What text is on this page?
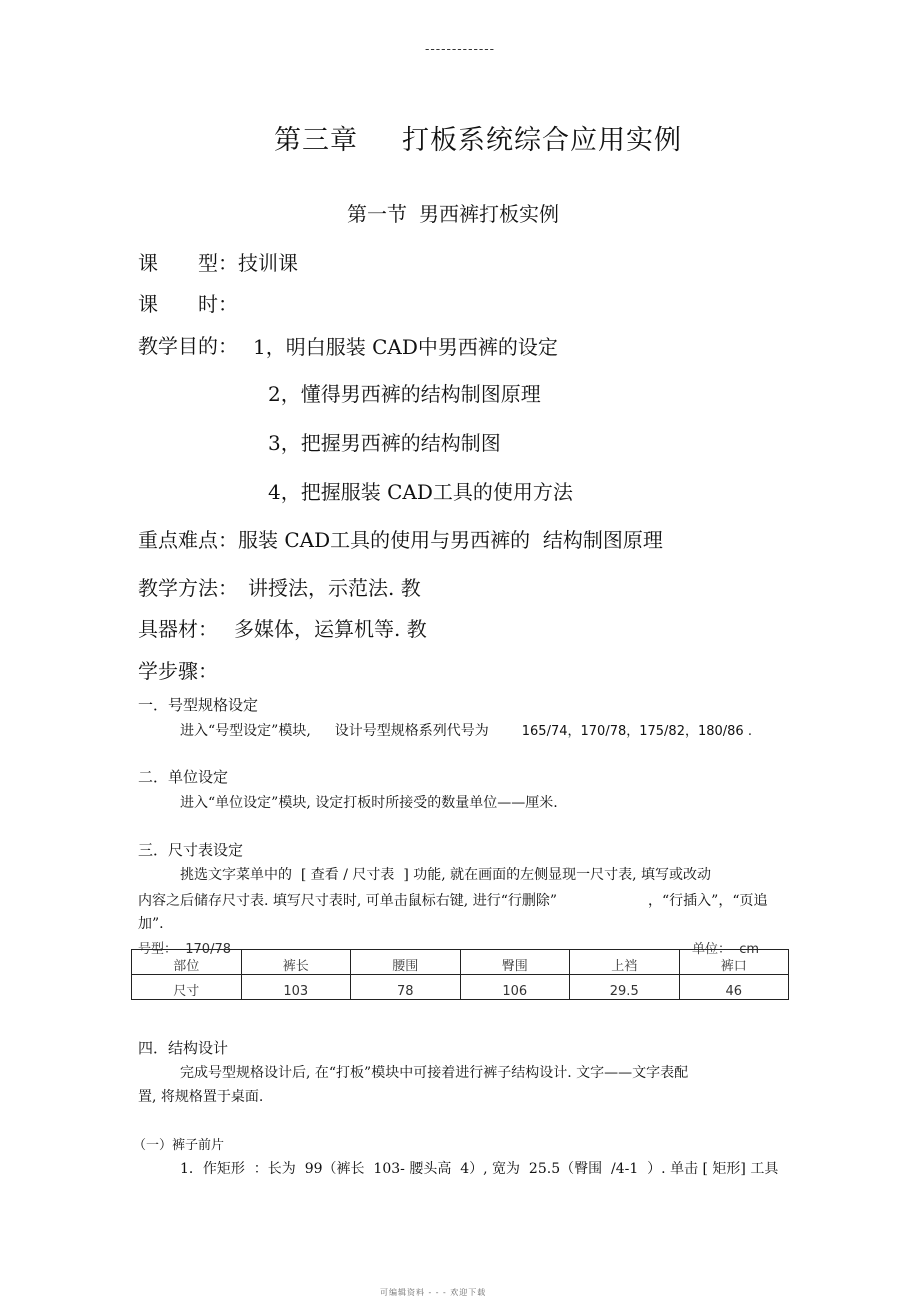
-------------
第三章 打板系统综合应用实例
第一节 男西裤打板实例
课　　型：技训课
课　　时：
教学目的： 1，明白服装 CAD中男西裤的设定
2，懂得男西裤的结构制图原理
3，把握男西裤的结构制图
4，把握服装 CAD工具的使用方法
重点难点：服装 CAD工具的使用与男西裤的  结构制图原理
教学方法： 讲授法，示范法. 教
具器材： 多媒体，运算机等. 教
学步骤：
一．号型规格设定
进入“号型设定”模块, 设计号型规格系列代号为	165/74，170/78，175/82，180/86 .
二．单位设定
进入“单位设定”模块, 设定打板时所接受的数量单位——厘米.
三．尺寸表设定
挑选文字菜单中的  [ 查看 / 尺寸表  ] 功能, 就在画面的左侧显现一尺寸表, 填写或改动
内容之后储存尺寸表. 填写尺寸表时, 可单击鼠标右键, 进行“行删除”	，“行插入”，“页追
加”.
号型：  170/78	单位：  cm
部位	裤长	腰围	臀围	上裆	裤口
尺寸	103	78	106	29.5	46
四．结构设计
完成号型规格设计后, 在“打板”模块中可接着进行裤子结构设计. 文字——文字表配
置, 将规格置于桌面.
（一）裤子前片
1．作矩形  ：长为  99（裤长  103- 腰头高  4）, 宽为  25.5（臀围  /4-1  ）. 单击 [ 矩形] 工具
可编辑资料 - - - 欢迎下载
